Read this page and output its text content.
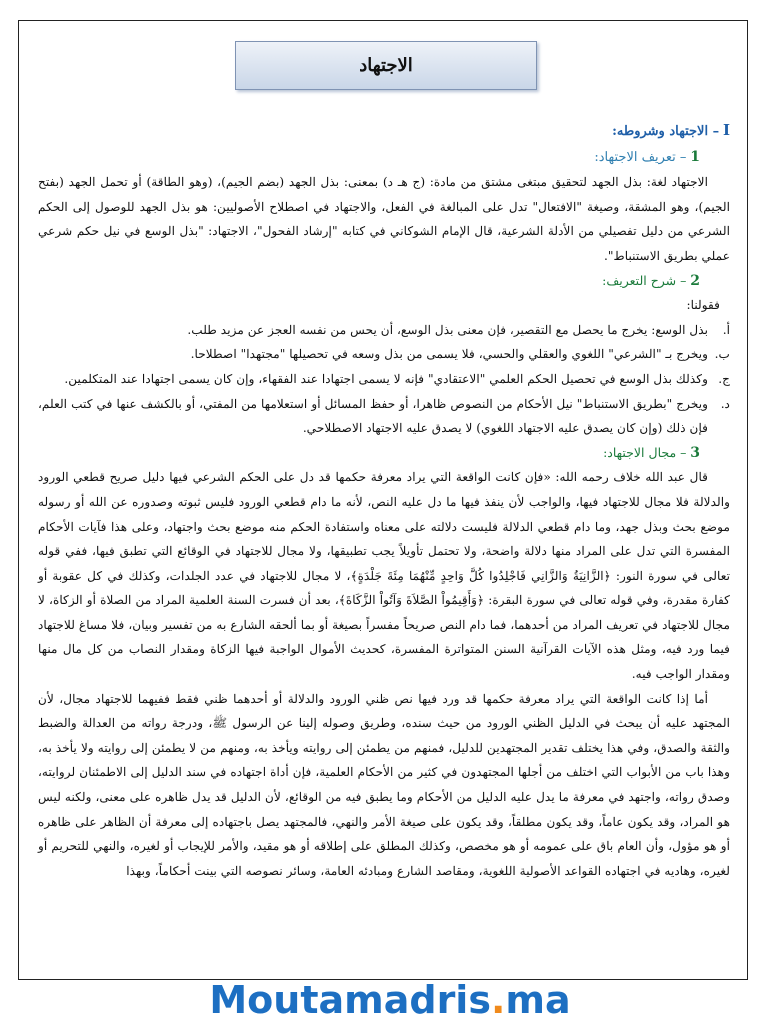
الاجتهاد

I – الاجتهاد وشروطه:

1 – تعريف الاجتهاد:

الاجتهاد لغة: بذل الجهد لتحقيق مبتغى مشتق من مادة: (ج هـ د) بمعنى: بذل الجهد (بضم الجيم)، (وهو الطاقة) أو تحمل الجهد (بفتح الجيم)، وهو المشقة، وصيغة "الافتعال" تدل على المبالغة في الفعل، والاجتهاد في اصطلاح الأصوليين: هو بذل الجهد للوصول إلى الحكم الشرعي من دليل تفصيلي من الأدلة الشرعية، قال الإمام الشوكاني في كتابه "إرشاد الفحول"، الاجتهاد: "بذل الوسع في نيل حكم شرعي عملي بطريق الاستنباط".

2 – شرح التعريف:

فقولنا:

أ.
بذل الوسع: يخرج ما يحصل مع التقصير، فإن معنى بذل الوسع، أن يحس من نفسه العجز عن مزيد طلب.

ب.
ويخرج بـ "الشرعي" اللغوي والعقلي والحسي، فلا يسمى من بذل وسعه في تحصيلها "مجتهدا" اصطلاحا.

ج.
وكذلك بذل الوسع في تحصيل الحكم العلمي "الاعتقادي" فإنه لا يسمى اجتهادا عند الفقهاء، وإن كان يسمى اجتهادا عند المتكلمين.

د.
ويخرج "بطريق الاستنباط" نيل الأحكام من النصوص ظاهرا، أو حفظ المسائل أو استعلامها من المفتي، أو بالكشف عنها في كتب العلم، فإن ذلك (وإن كان يصدق عليه الاجتهاد اللغوي) لا يصدق عليه الاجتهاد الاصطلاحي.

3 – مجال الاجتهاد:

قال عبد الله خلاف رحمه الله: «فإن كانت الواقعة التي يراد معرفة حكمها قد دل على الحكم الشرعي فيها دليل صريح قطعي الورود والدلالة فلا مجال للاجتهاد فيها، والواجب لأن ينفذ فيها ما دل عليه النص، لأنه ما دام قطعي الورود فليس ثبوته وصدوره عن الله أو رسوله موضع بحث وبذل جهد، وما دام قطعي الدلالة فليست دلالته على معناه واستفادة الحكم منه موضع بحث واجتهاد، وعلى هذا فآيات الأحكام المفسرة التي تدل على المراد منها دلالة واضحة، ولا تحتمل تأويلاً يجب تطبيقها، ولا مجال للاجتهاد في الوقائع التي تطبق فيها، ففي قوله تعالى في سورة النور: ﴿الزَّانِيَةُ وَالزَّانِي فَاجْلِدُوا كُلَّ وَاحِدٍ مِّنْهُمَا مِئَةَ جَلْدَةٍ﴾، لا مجال للاجتهاد في عدد الجلدات، وكذلك في كل عقوبة أو كفارة مقدرة، وفي قوله تعالى في سورة البقرة: ﴿وَأَقِيمُواْ الصَّلاَةَ وَآتُواْ الزَّكَاةَ﴾، بعد أن فسرت السنة العلمية المراد من الصلاة أو الزكاة، لا مجال للاجتهاد في تعريف المراد من أحدهما، فما دام النص صريحاً مفسراً بصيغة أو بما ألحقه الشارع به من تفسير وبيان، فلا مساغ للاجتهاد فيما ورد فيه، ومثل هذه الآيات القرآنية السنن المتواترة المفسرة، كحديث الأموال الواجبة فيها الزكاة ومقدار النصاب من كل مال منها ومقدار الواجب فيه.

أما إذا كانت الواقعة التي يراد معرفة حكمها قد ورد فيها نص ظني الورود والدلالة أو أحدهما ظني فقط ففيهما للاجتهاد مجال، لأن المجتهد عليه أن يبحث في الدليل الظني الورود من حيث سنده، وطريق وصوله إلينا عن الرسول ﷺ، ودرجة رواته من العدالة والضبط والثقة والصدق، وفي هذا يختلف تقدير المجتهدين للدليل، فمنهم من يطمئن إلى روايته ويأخذ به، ومنهم من لا يطمئن إلى روايته ولا يأخذ به، وهذا باب من الأبواب التي اختلف من أجلها المجتهدون في كثير من الأحكام العلمية، فإن أداة اجتهاده في سند الدليل إلى الاطمئنان لروايته، وصدق رواته، واجتهد في معرفة ما يدل عليه الدليل من الأحكام وما يطبق فيه من الوقائع، لأن الدليل قد يدل ظاهره على معنى، ولكنه ليس هو المراد، وقد يكون عاماً، وقد يكون مطلقاً، وقد يكون على صيغة الأمر والنهي، فالمجتهد يصل باجتهاده إلى معرفة أن الظاهر على ظاهره أو هو مؤول، وأن العام باق على عمومه أو هو مخصص، وكذلك المطلق على إطلاقه أو هو مقيد، والأمر للإيجاب أو لغيره، والنهي للتحريم أو لغيره، وهاديه في اجتهاده القواعد الأصولية اللغوية، ومقاصد الشارع ومبادئه العامة، وسائر نصوصه التي بينت أحكاماً، وبهذا

Moutamadris . ma
